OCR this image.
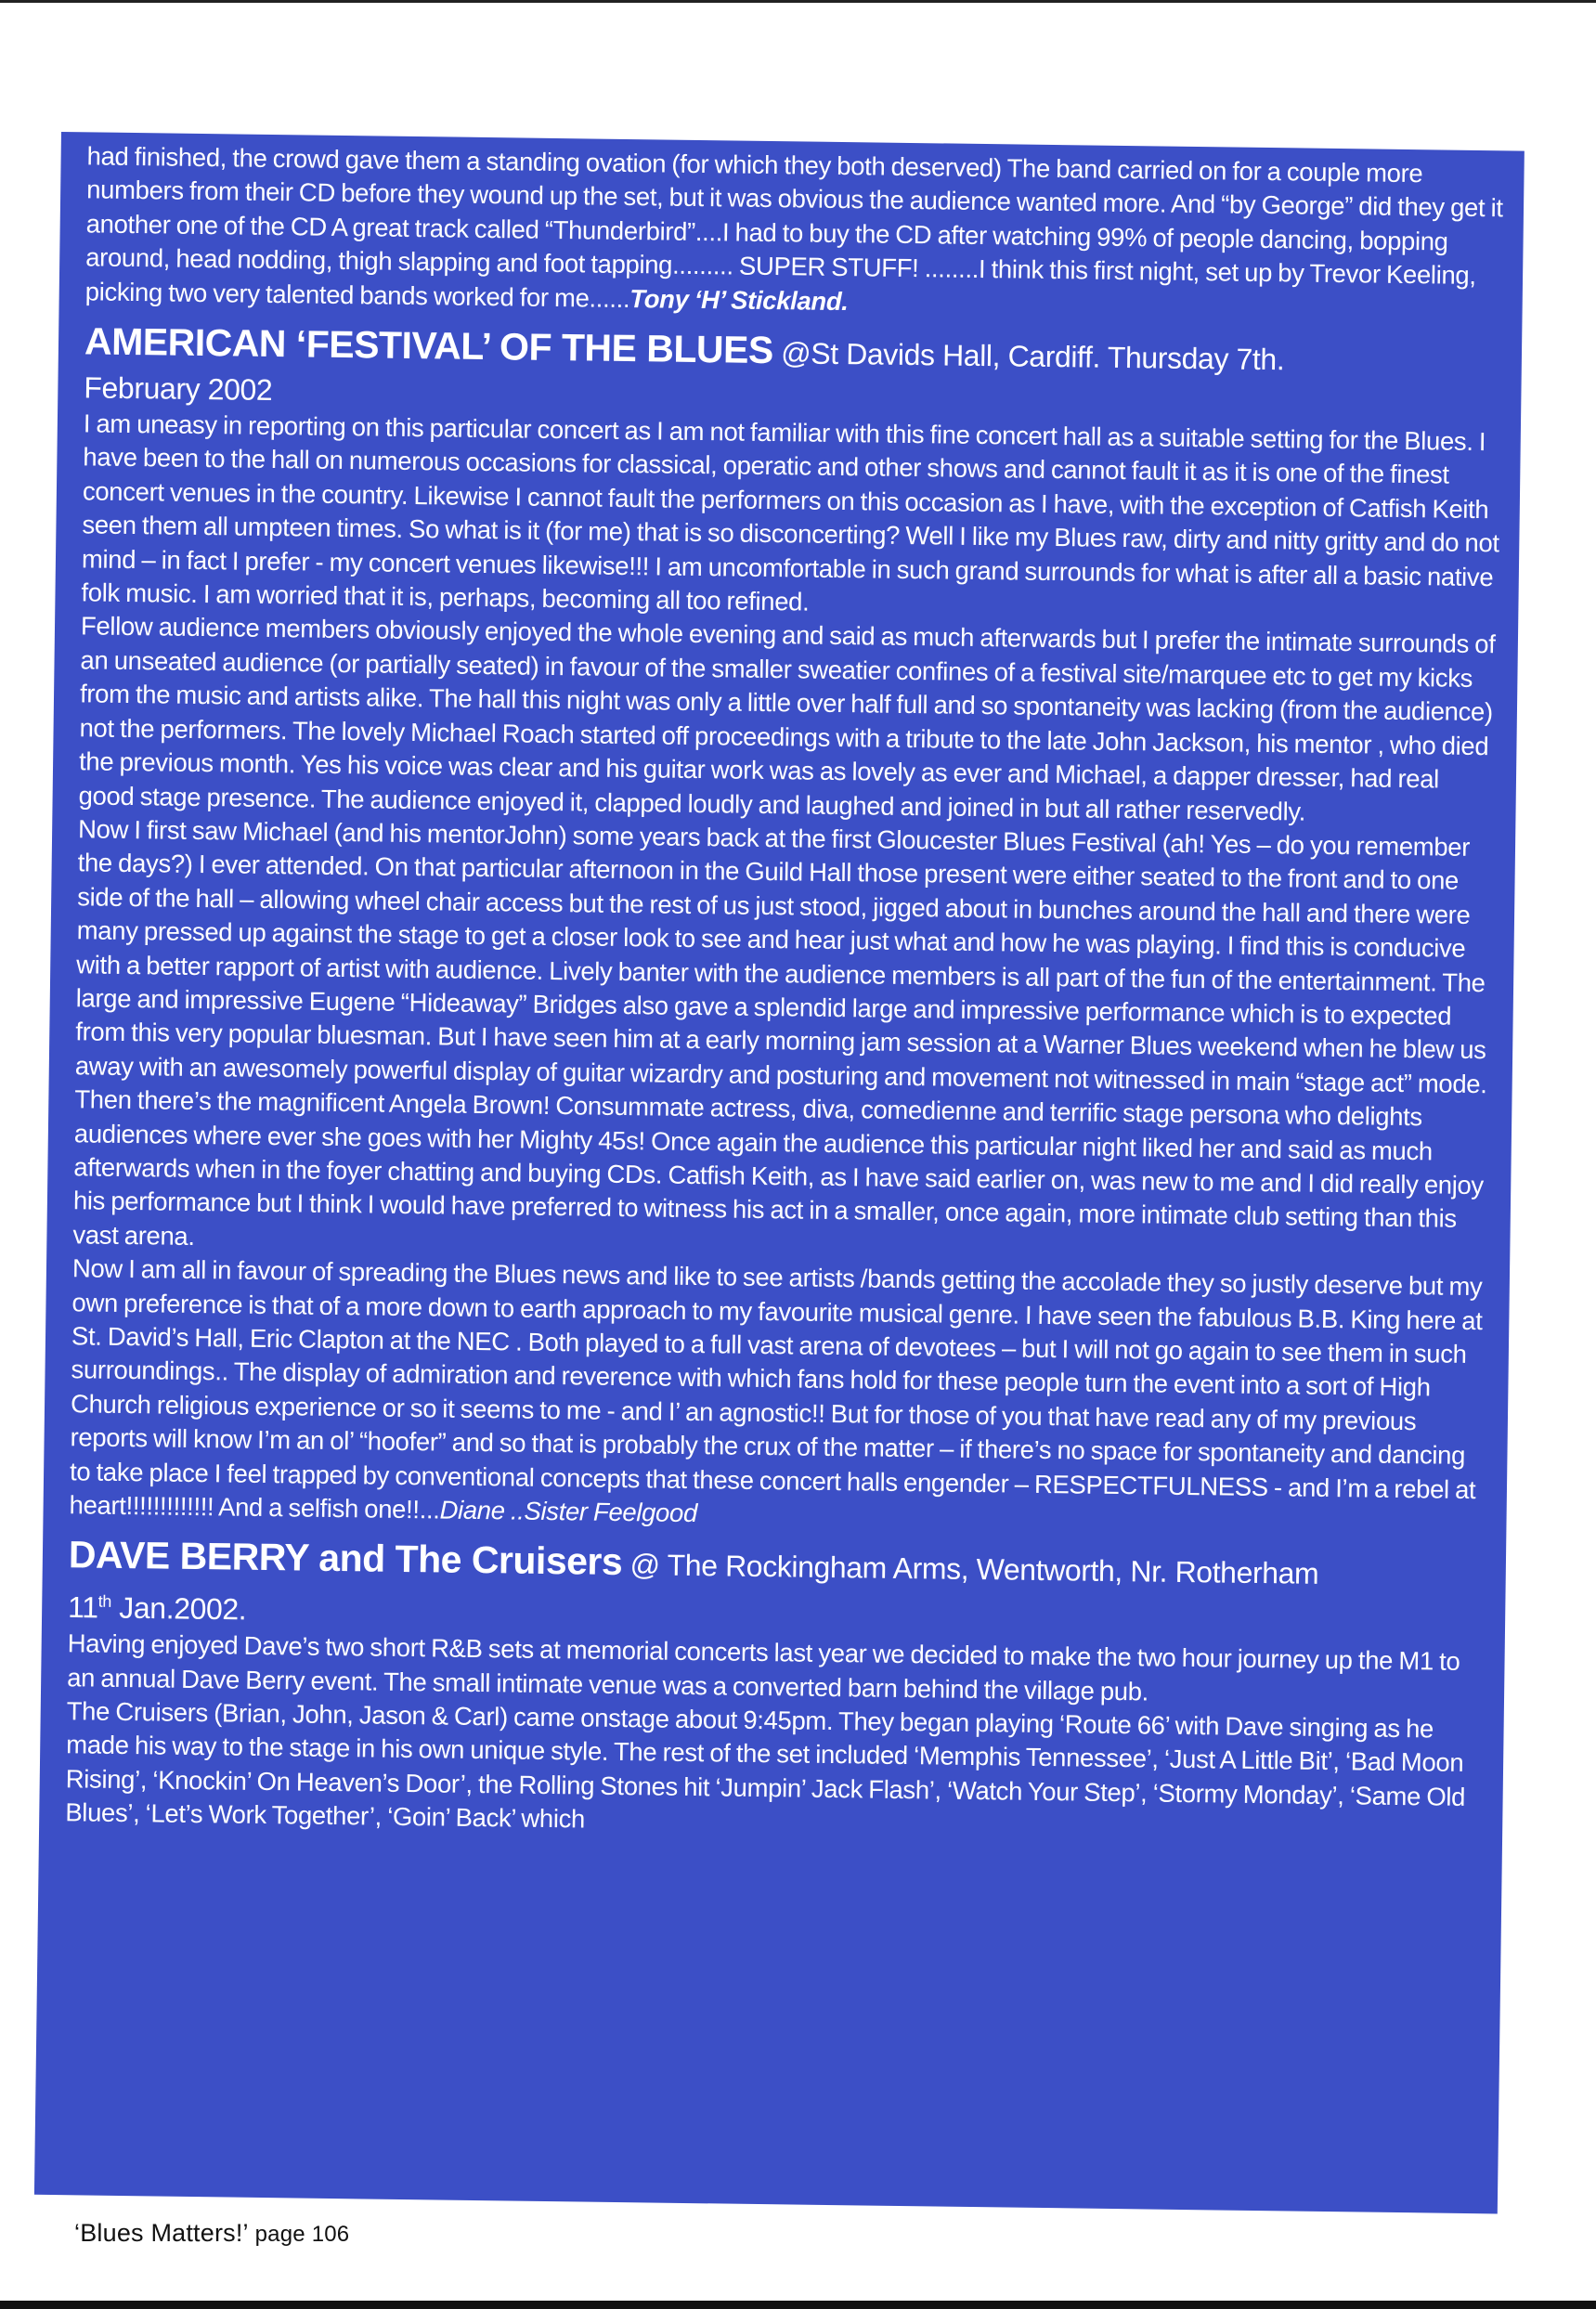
had finished, the crowd gave them a standing ovation (for which they both deserved) The band carried on for a couple more numbers from their CD before they wound up the set, but it was obvious the audience wanted more. And “by George” did they get it another one of the CD A great track called “Thunderbird”....I had to buy the CD after watching 99% of people dancing, bopping around, head nodding, thigh slapping and foot tapping......... SUPER STUFF! ........I think this first night, set up by Trevor Keeling, picking two very talented bands worked for me......Tony ‘H’ Stickland.

AMERICAN ‘FESTIVAL’ OF THE BLUES @St Davids Hall, Cardiff. Thursday 7th.

February 2002

I am uneasy in reporting on this particular concert as I am not familiar with this fine concert hall as a suitable setting for the Blues. I have been to the hall on numerous occasions for classical, operatic and other shows and cannot fault it as it is one of the finest concert venues in the country. Likewise I cannot fault the performers on this occasion as I have, with the exception of Catfish Keith seen them all umpteen times. So what is it (for me) that is so disconcerting? Well I like my Blues raw, dirty and nitty gritty and do not mind – in fact I prefer - my concert venues likewise!!! I am uncomfortable in such grand surrounds for what is after all a basic native folk music. I am worried that it is, perhaps, becoming all too refined.

Fellow audience members obviously enjoyed the whole evening and said as much afterwards but I prefer the intimate surrounds of an unseated audience (or partially seated) in favour of the smaller sweatier confines of a festival site/marquee etc to get my kicks from the music and artists alike. The hall this night was only a little over half full and so spontaneity was lacking (from the audience) not the performers. The lovely Michael Roach started off proceedings with a tribute to the late John Jackson, his mentor , who died the previous month. Yes his voice was clear and his guitar work was as lovely as ever and Michael, a dapper dresser, had real good stage presence. The audience enjoyed it, clapped loudly and laughed and joined in but all rather reservedly.

Now I first saw Michael (and his mentorJohn) some years back at the first Gloucester Blues Festival (ah! Yes – do you remember the days?) I ever attended. On that particular afternoon in the Guild Hall those present were either seated to the front and to one side of the hall – allowing wheel chair access but the rest of us just stood, jigged about in bunches around the hall and there were many pressed up against the stage to get a closer look to see and hear just what and how he was playing. I find this is conducive with a better rapport of artist with audience. Lively banter with the audience members is all part of the fun of the entertainment. The large and impressive Eugene “Hideaway” Bridges also gave a splendid large and impressive performance which is to expected from this very popular bluesman. But I have seen him at a early morning jam session at a Warner Blues weekend when he blew us away with an awesomely powerful display of guitar wizardry and posturing and movement not witnessed in main “stage act” mode. Then there’s the magnificent Angela Brown! Consummate actress, diva, comedienne and terrific stage persona who delights audiences where ever she goes with her Mighty 45s! Once again the audience this particular night liked her and said as much afterwards when in the foyer chatting and buying CDs. Catfish Keith, as I have said earlier on, was new to me and I did really enjoy his performance but I think I would have preferred to witness his act in a smaller, once again, more intimate club setting than this vast arena.

Now I am all in favour of spreading the Blues news and like to see artists /bands getting the accolade they so justly deserve but my own preference is that of a more down to earth approach to my favourite musical genre. I have seen the fabulous B.B. King here at St. David’s Hall, Eric Clapton at the NEC . Both played to a full vast arena of devotees – but I will not go again to see them in such surroundings.. The display of admiration and reverence with which fans hold for these people turn the event into a sort of High Church religious experience or so it seems to me - and I’ an agnostic!! But for those of you that have read any of my previous reports will know I’m an ol’ “hoofer” and so that is probably the crux of the matter – if there’s no space for spontaneity and dancing to take place I feel trapped by conventional concepts that these concert halls engender – RESPECTFULNESS - and I’m a rebel at heart!!!!!!!!!!!!! And a selfish one!!...Diane ..Sister Feelgood

DAVE BERRY and The Cruisers @ The Rockingham Arms, Wentworth, Nr. Rotherham

11th Jan.2002.

Having enjoyed Dave’s two short R&B sets at memorial concerts last year we decided to make the two hour journey up the M1 to an annual Dave Berry event. The small intimate venue was a converted barn behind the village pub.

The Cruisers (Brian, John, Jason & Carl) came onstage about 9:45pm. They began playing ‘Route 66’ with Dave singing as he made his way to the stage in his own unique style. The rest of the set included ‘Memphis Tennessee’, ‘Just A Little Bit’, ‘Bad Moon Rising’, ‘Knockin’ On Heaven’s Door’, the Rolling Stones hit ‘Jumpin’ Jack Flash’, ‘Watch Your Step’, ‘Stormy Monday’, ‘Same Old Blues’, ‘Let’s Work Together’, ‘Goin’ Back’ which

‘Blues Matters!’ page 106
